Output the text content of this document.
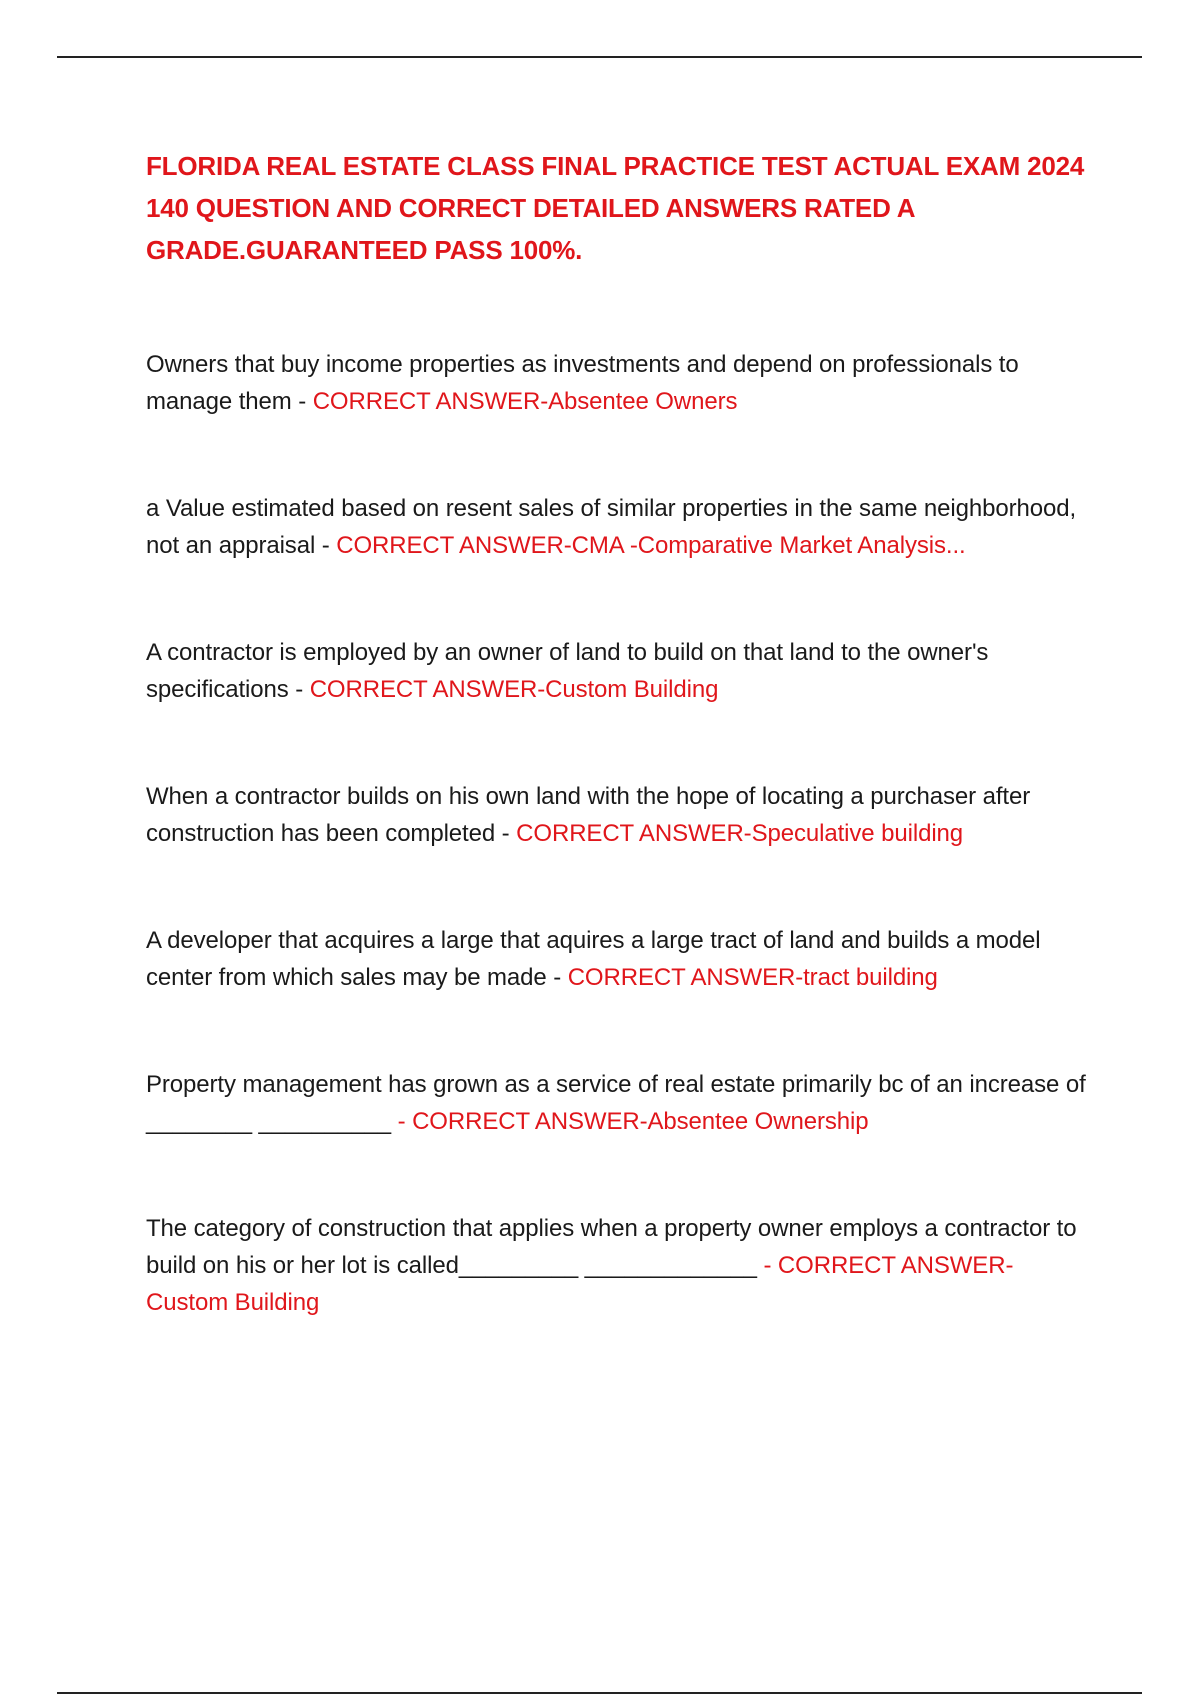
FLORIDA REAL ESTATE CLASS FINAL PRACTICE TEST ACTUAL EXAM 2024 140 QUESTION AND CORRECT DETAILED ANSWERS RATED A GRADE.GUARANTEED PASS 100%.

Owners that buy income properties as investments and depend on professionals to manage them - CORRECT ANSWER-Absentee Owners

a Value estimated based on resent sales of similar properties in the same neighborhood, not an appraisal - CORRECT ANSWER-CMA -Comparative Market Analysis...

A contractor is employed by an owner of land to build on that land to the owner's specifications - CORRECT ANSWER-Custom Building

When a contractor builds on his own land with the hope of locating a purchaser after construction has been completed - CORRECT ANSWER-Speculative building

A developer that acquires a large that aquires a large tract of land and builds a model center from which sales may be made - CORRECT ANSWER-tract building

Property management has grown as a service of real estate primarily bc of an increase of ________ __________ - CORRECT ANSWER-Absentee Ownership

The category of construction that applies when a property owner employs a contractor to build on his or her lot is called_________ _____________ - CORRECT ANSWER-Custom Building
